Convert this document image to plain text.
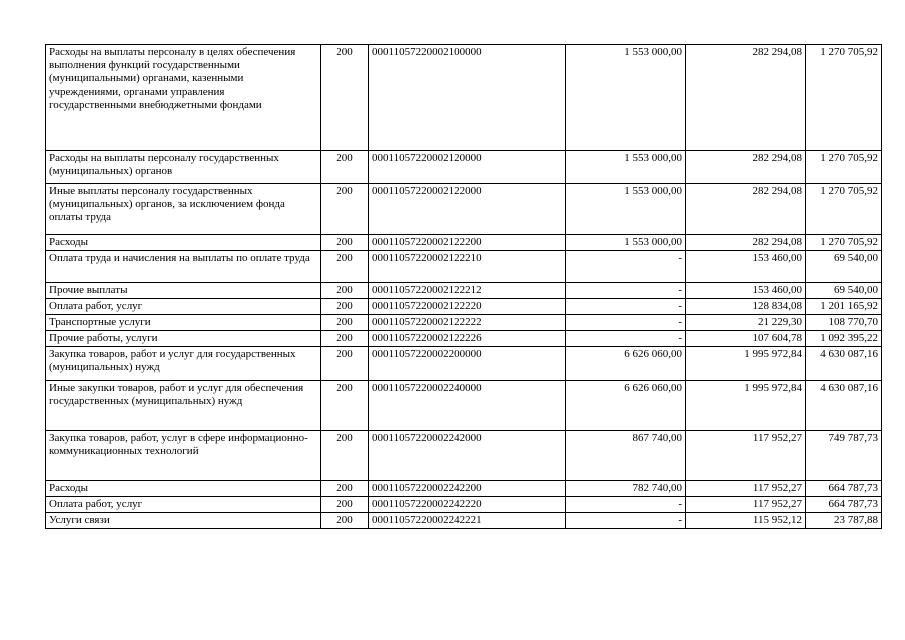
Расходы на выплаты персоналу в целях обеспечения выполнения функций государственными (муниципальными) органами, казенными учреждениями, органами управления государственными внебюджетными фондами	200	00011057220002100000	1 553 000,00	282 294,08	1 270 705,92
Расходы на выплаты персоналу государственных (муниципальных) органов	200	00011057220002120000	1 553 000,00	282 294,08	1 270 705,92
Иные выплаты персоналу государственных (муниципальных) органов, за исключением фонда оплаты труда	200	00011057220002122000	1 553 000,00	282 294,08	1 270 705,92
Расходы	200	00011057220002122200	1 553 000,00	282 294,08	1 270 705,92
Оплата труда и начисления на выплаты по оплате труда	200	00011057220002122210	-	153 460,00	69 540,00
Прочие выплаты	200	00011057220002122212	-	153 460,00	69 540,00
Оплата работ, услуг	200	00011057220002122220	-	128 834,08	1 201 165,92
Транспортные услуги	200	00011057220002122222	-	21 229,30	108 770,70
Прочие работы, услуги	200	00011057220002122226	-	107 604,78	1 092 395,22
Закупка товаров, работ и услуг для государственных (муниципальных) нужд	200	00011057220002200000	6 626 060,00	1 995 972,84	4 630 087,16
Иные закупки товаров, работ и услуг для обеспечения государственных (муниципальных) нужд	200	00011057220002240000	6 626 060,00	1 995 972,84	4 630 087,16
Закупка товаров, работ, услуг в сфере информационно-коммуникационных технологий	200	00011057220002242000	867 740,00	117 952,27	749 787,73
Расходы	200	00011057220002242200	782 740,00	117 952,27	664 787,73
Оплата работ, услуг	200	00011057220002242220	-	117 952,27	664 787,73
Услуги связи	200	00011057220002242221	-	115 952,12	23 787,88
